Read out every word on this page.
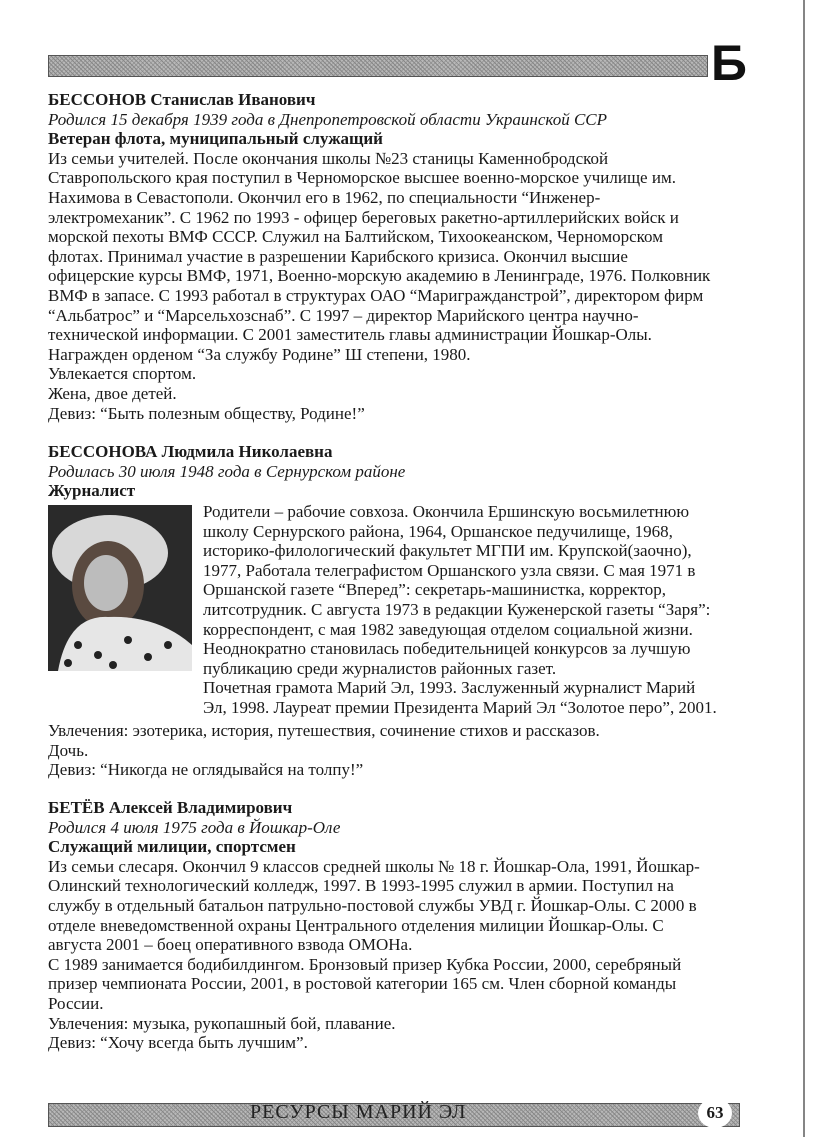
Б
БЕССОНОВ Станислав Иванович
Родился 15 декабря 1939 года в Днепропетровской области Украинской ССР
Ветеран флота, муниципальный служащий
Из семьи учителей. После окончания школы №23 станицы Каменнобродской
Ставропольского края поступил в Черноморское высшее военно-морское училище им.
Нахимова в Севастополи. Окончил его в 1962, по специальности “Инженер-
электромеханик”. С 1962 по 1993 - офицер береговых ракетно-артиллерийских войск и
морской пехоты ВМФ СССР. Служил на Балтийском, Тихоокеанском, Черноморском
флотах. Принимал участие в разрешении Карибского кризиса. Окончил высшие
офицерские курсы ВМФ, 1971, Военно-морскую академию в Ленинграде, 1976. Полковник
ВМФ в запасе. С 1993 работал в структурах ОАО “Мариграждaнстрой”, директором фирм
“Альбатрос” и “Марсельхозснаб”. С 1997 – директор Марийского центра научно-
технической информации. С 2001 заместитель главы администрации Йошкар-Олы.
Награжден орденом “За службу Родине” Ш степени, 1980.
Увлекается спортом.
Жена, двое детей.
Девиз: “Быть полезным обществу, Родине!”
БЕССОНОВА Людмила Николаевна
Родилась 30 июля 1948 года в Сернурском районе
Журналист
Родители – рабочие совхоза. Окончила Ершинскую восьмилетнюю
школу Сернурского района, 1964, Оршанское педучилище, 1968,
историко-филологический факультет МГПИ им. Крупской(заочно),
1977, Работала телеграфистом Оршанского узла связи. С мая 1971 в
Оршанской газете “Вперед”: секретарь-машинистка, корректор,
литсотрудник. С августа 1973 в редакции Куженерской газеты “Заря”:
корреспондент, с мая 1982 заведующая отделом социальной жизни.
Неоднократно становилась победительницей конкурсов за лучшую
публикацию среди журналистов районных газет.
Почетная грамота Марий Эл, 1993. Заслуженный журналист Марий
Эл, 1998. Лауреат премии Президента Марий Эл “Золотое перо”, 2001.
Увлечения: эзотерика, история, путешествия, сочинение стихов и рассказов.
Дочь.
Девиз: “Никогда не оглядывайся на толпу!”
БЕТЁВ Алексей Владимирович
Родился 4 июля 1975 года в Йошкар-Оле
Служащий милиции, спортсмен
Из семьи слесаря. Окончил 9 классов средней школы № 18 г. Йошкар-Ола, 1991, Йошкар-
Олинский технологический колледж, 1997. В 1993-1995 служил в армии. Поступил на
службу в отдельный батальон патрульно-постовой службы УВД г. Йошкар-Олы. С 2000 в
отделе вневедомственной охраны Центрального отделения милиции Йошкар-Олы. С
августа 2001 – боец оперативного взвода ОМОНа.
С 1989 занимается бодибилдингом. Бронзовый призер Кубка России, 2000, серебряный
призер чемпионата России, 2001, в ростовой категории 165 см. Член сборной команды
России.
Увлечения: музыка, рукопашный бой, плавание.
Девиз: “Хочу всегда быть лучшим”.
РЕСУРСЫ МАРИЙ ЭЛ	63
